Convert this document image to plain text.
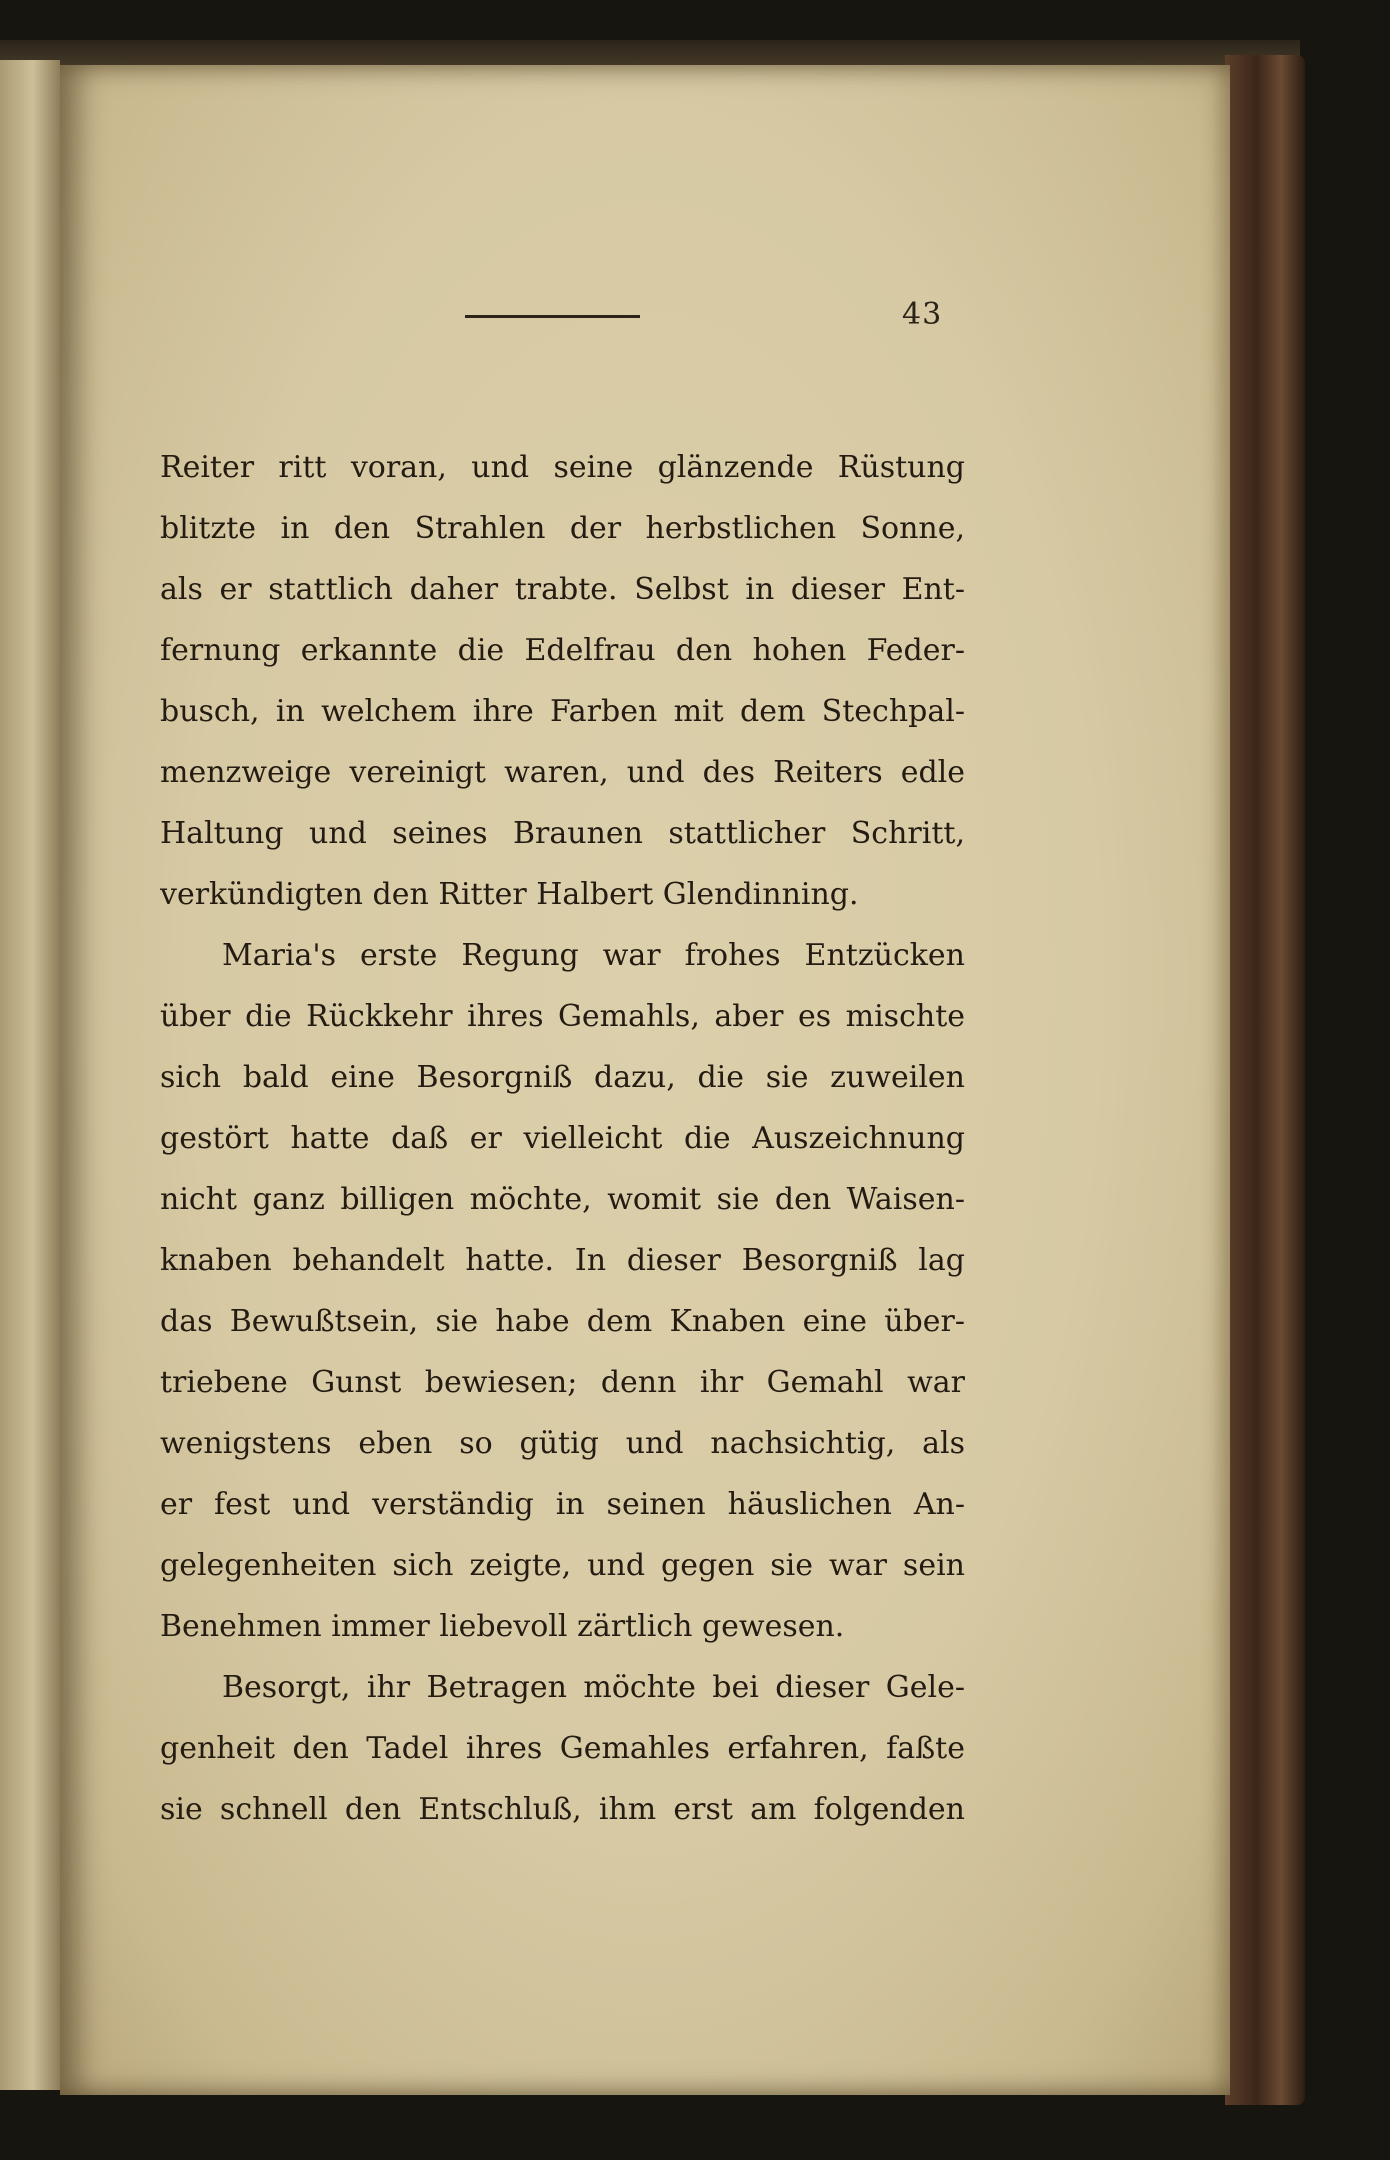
43
Reiter ritt voran, und seine glänzende Rüstung
blitzte in den Strahlen der herbstlichen Sonne,
als er stattlich daher trabte. Selbst in dieser Ent-
fernung erkannte die Edelfrau den hohen Feder-
busch, in welchem ihre Farben mit dem Stechpal-
menzweige vereinigt waren, und des Reiters edle
Haltung und seines Braunen stattlicher Schritt,
verkündigten den Ritter Halbert Glendinning.
Maria's erste Regung war frohes Entzücken
über die Rückkehr ihres Gemahls, aber es mischte
sich bald eine Besorgniß dazu, die sie zuweilen
gestört hatte daß er vielleicht die Auszeichnung
nicht ganz billigen möchte, womit sie den Waisen-
knaben behandelt hatte. In dieser Besorgniß lag
das Bewußtsein, sie habe dem Knaben eine über-
triebene Gunst bewiesen; denn ihr Gemahl war
wenigstens eben so gütig und nachsichtig, als
er fest und verständig in seinen häuslichen An-
gelegenheiten sich zeigte, und gegen sie war sein
Benehmen immer liebevoll zärtlich gewesen.
Besorgt, ihr Betragen möchte bei dieser Gele-
genheit den Tadel ihres Gemahles erfahren, faßte
sie schnell den Entschluß, ihm erst am folgenden
